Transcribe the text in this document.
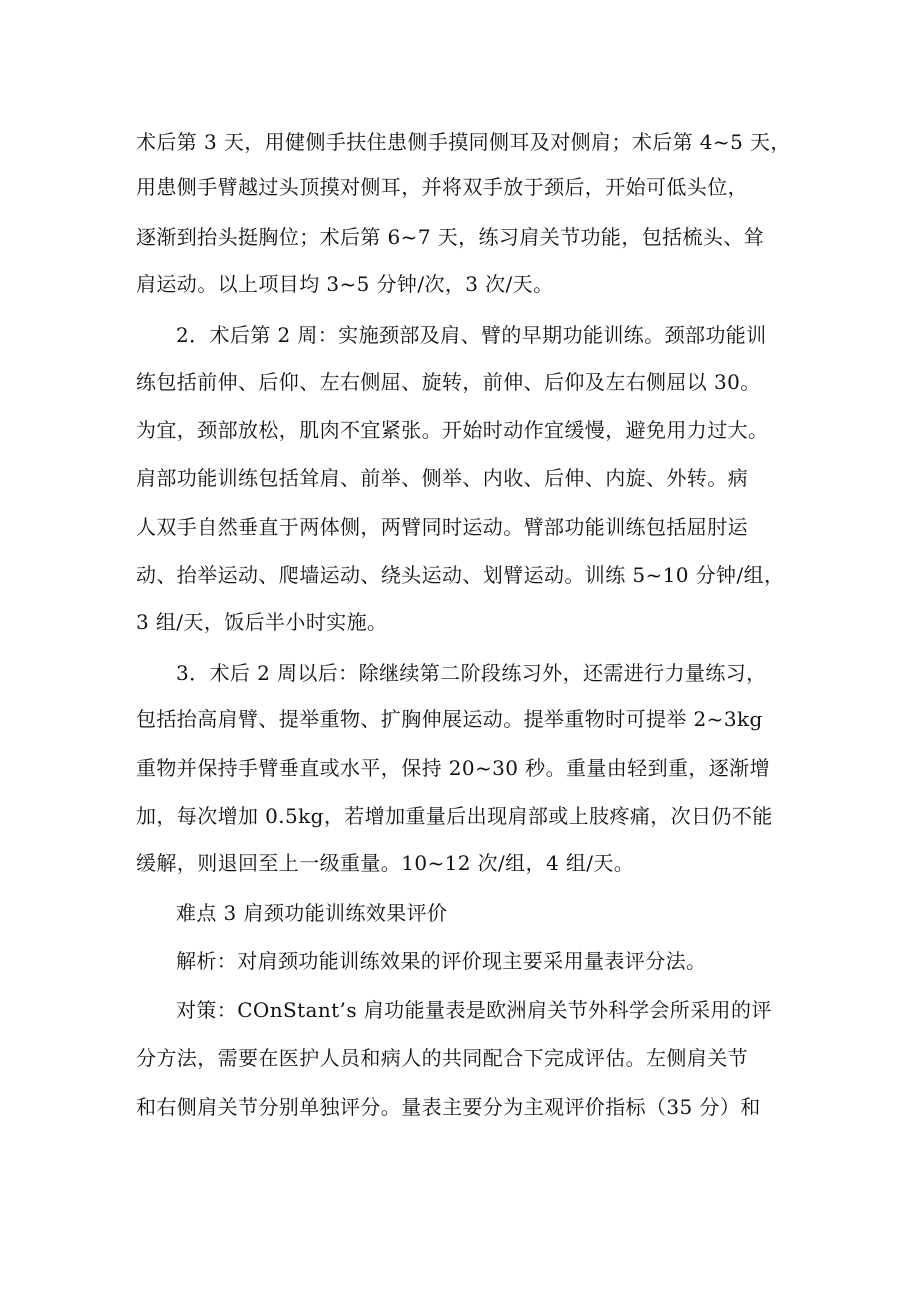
术后第 3 天，用健侧手扶住患侧手摸同侧耳及对侧肩；术后第 4~5 天，
用患侧手臂越过头顶摸对侧耳，并将双手放于颈后，开始可低头位，
逐渐到抬头挺胸位；术后第 6~7 天，练习肩关节功能，包括梳头、耸
肩运动。以上项目均 3~5 分钟/次，3 次/天。
2．术后第 2 周：实施颈部及肩、臂的早期功能训练。颈部功能训
练包括前伸、后仰、左右侧屈、旋转，前伸、后仰及左右侧屈以 30。
为宜，颈部放松，肌肉不宜紧张。开始时动作宜缓慢，避免用力过大。
肩部功能训练包括耸肩、前举、侧举、内收、后伸、内旋、外转。病
人双手自然垂直于两体侧，两臂同时运动。臂部功能训练包括屈肘运
动、抬举运动、爬墙运动、绕头运动、划臂运动。训练 5~10 分钟/组，
3 组/天，饭后半小时实施。
3．术后 2 周以后：除继续第二阶段练习外，还需进行力量练习，
包括抬高肩臂、提举重物、扩胸伸展运动。提举重物时可提举 2~3kg
重物并保持手臂垂直或水平，保持 20~30 秒。重量由轻到重，逐渐增
加，每次增加 0.5kg，若增加重量后出现肩部或上肢疼痛，次日仍不能
缓解，则退回至上一级重量。10~12 次/组，4 组/天。
难点 3 肩颈功能训练效果评价
解析：对肩颈功能训练效果的评价现主要采用量表评分法。
对策：COnStant’s 肩功能量表是欧洲肩关节外科学会所采用的评
分方法，需要在医护人员和病人的共同配合下完成评估。左侧肩关节
和右侧肩关节分别单独评分。量表主要分为主观评价指标（35 分）和
